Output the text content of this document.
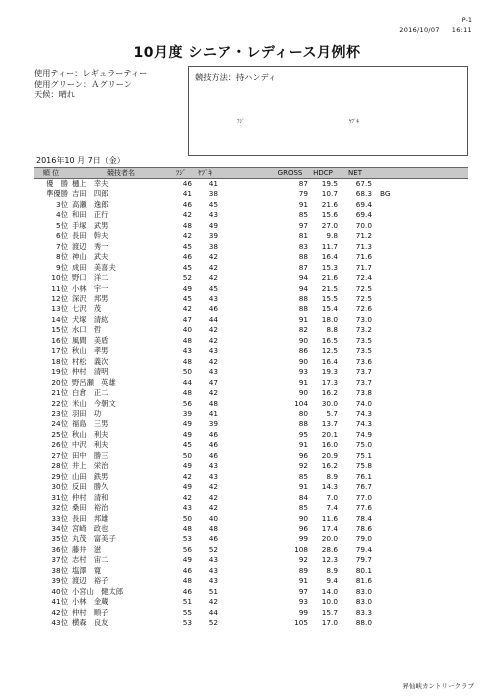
P-1
2016/10/07 16:11
10月度 シニア・レディース月例杯
使用ティー：レギュラーティー
使用グリーン：Ａグリーン
天候：晴れ
競技方法：持ハンディ
ﾌｼﾞ	ﾔﾌﾞｷ
2016年10 月 7日（金）
順 位	競技者名	ﾌｼﾞ	ﾔﾌﾞｷ		GROSS	HDCP	NET	
優　勝	樋上　幸夫	46	41		87	19.5	67.5	
準優勝	吉田　四郎	41	38		79	10.7	68.3	BG
3位	高瀬　逸郎	46	45		91	21.6	69.4	
4位	和田　正行	42	43		85	15.6	69.4	
5位	手塚　武男	48	49		97	27.0	70.0	
6位	長田　幹夫	42	39		81	9.8	71.2	
7位	渡辺　秀一	45	38		83	11.7	71.3	
8位	神山　武夫	46	42		88	16.4	71.6	
9位	成田　美喜夫	45	42		87	15.3	71.7	
10位	野口　洋二	52	42		94	21.6	72.4	
11位	小林　宇一	49	45		94	21.5	72.5	
12位	深沢　邦男	45	43		88	15.5	72.5	
13位	七沢　茂	42	46		88	15.4	72.6	
14位	犬塚　清紘	47	44		91	18.0	73.0	
15位	水口　哲	40	42		82	8.8	73.2	
16位	風間　美盾	48	42		90	16.5	73.5	
17位	秋山　孝男	43	43		86	12.5	73.5	
18位	村松　義次	48	42		90	16.4	73.6	
19位	仲村　清明	50	43		93	19.3	73.7	
20位	野呂瀬　英雄	44	47		91	17.3	73.7	
21位	白倉　正二	48	42		90	16.2	73.8	
22位	米山　今朝文	56	48		104	30.0	74.0	
23位	羽田　功	39	41		80	5.7	74.3	
24位	福島　三男	49	39		88	13.7	74.3	
25位	秋山　利夫	49	46		95	20.1	74.9	
26位	中沢　利夫	45	46		91	16.0	75.0	
27位	田中　勝三	50	46		96	20.9	75.1	
28位	井上　栄治	49	43		92	16.2	75.8	
29位	山田　鉄男	42	43		85	8.9	76.1	
30位	反田　勝久	49	42		91	14.3	76.7	
31位	仲村　清和	42	42		84	7.0	77.0	
32位	桑田　裕治	43	42		85	7.4	77.6	
33位	長田　邦雄	50	40		90	11.6	78.4	
34位	宮崎　政也	48	48		96	17.4	78.6	
35位	丸茂　富美子	53	46		99	20.0	79.0	
36位	藤井　滋	56	52		108	28.6	79.4	
37位	志村　宙二	49	43		92	12.3	79.7	
38位	塩澤　寛	46	43		89	8.9	80.1	
39位	渡辺　裕子	48	43		91	9.4	81.6	
40位	小宮山　健太郎	46	51		97	14.0	83.0	
41位	小林　金蔵	51	42		93	10.0	83.0	
42位	仲村　順子	55	44		99	15.7	83.3	
43位	横森　良友	53	52		105	17.0	88.0	
昇仙峡カントリークラブ
